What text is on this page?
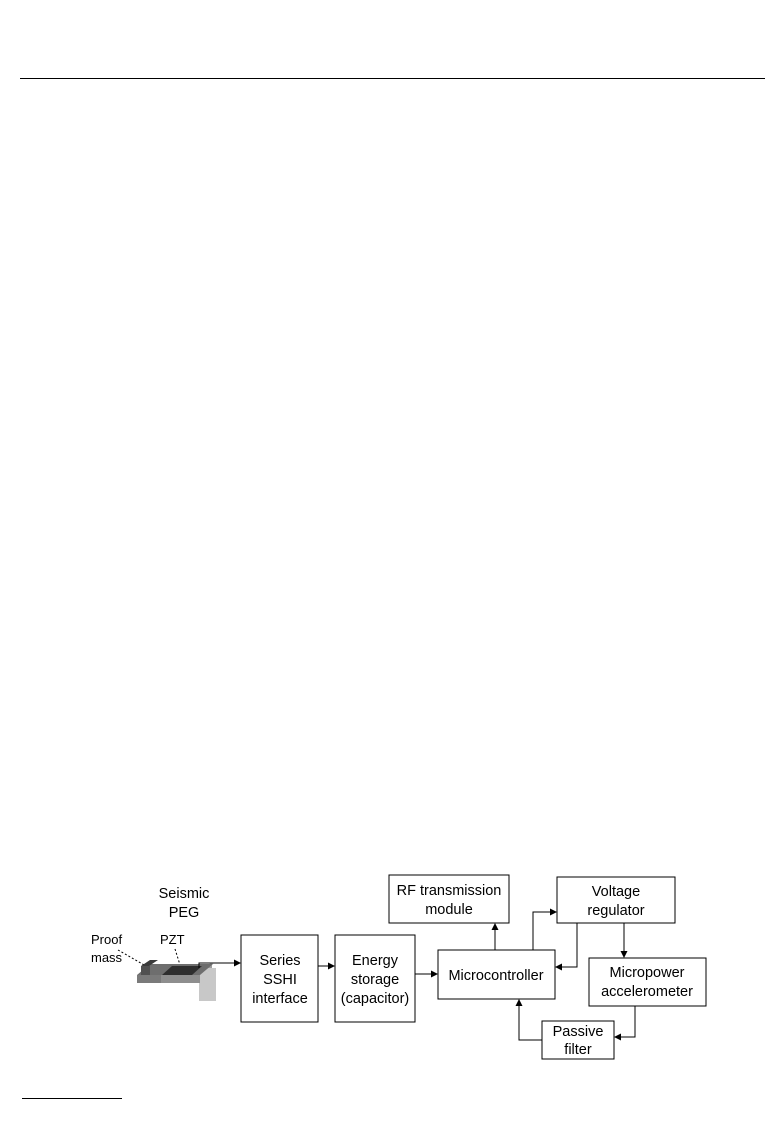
Seismic
PEG
Proof
mass
PZT
Series
SSHI
interface
Energy
storage
(capacitor)
Microcontroller
RF transmission
module
Voltage
regulator
Micropower
accelerometer
Passive
filter
